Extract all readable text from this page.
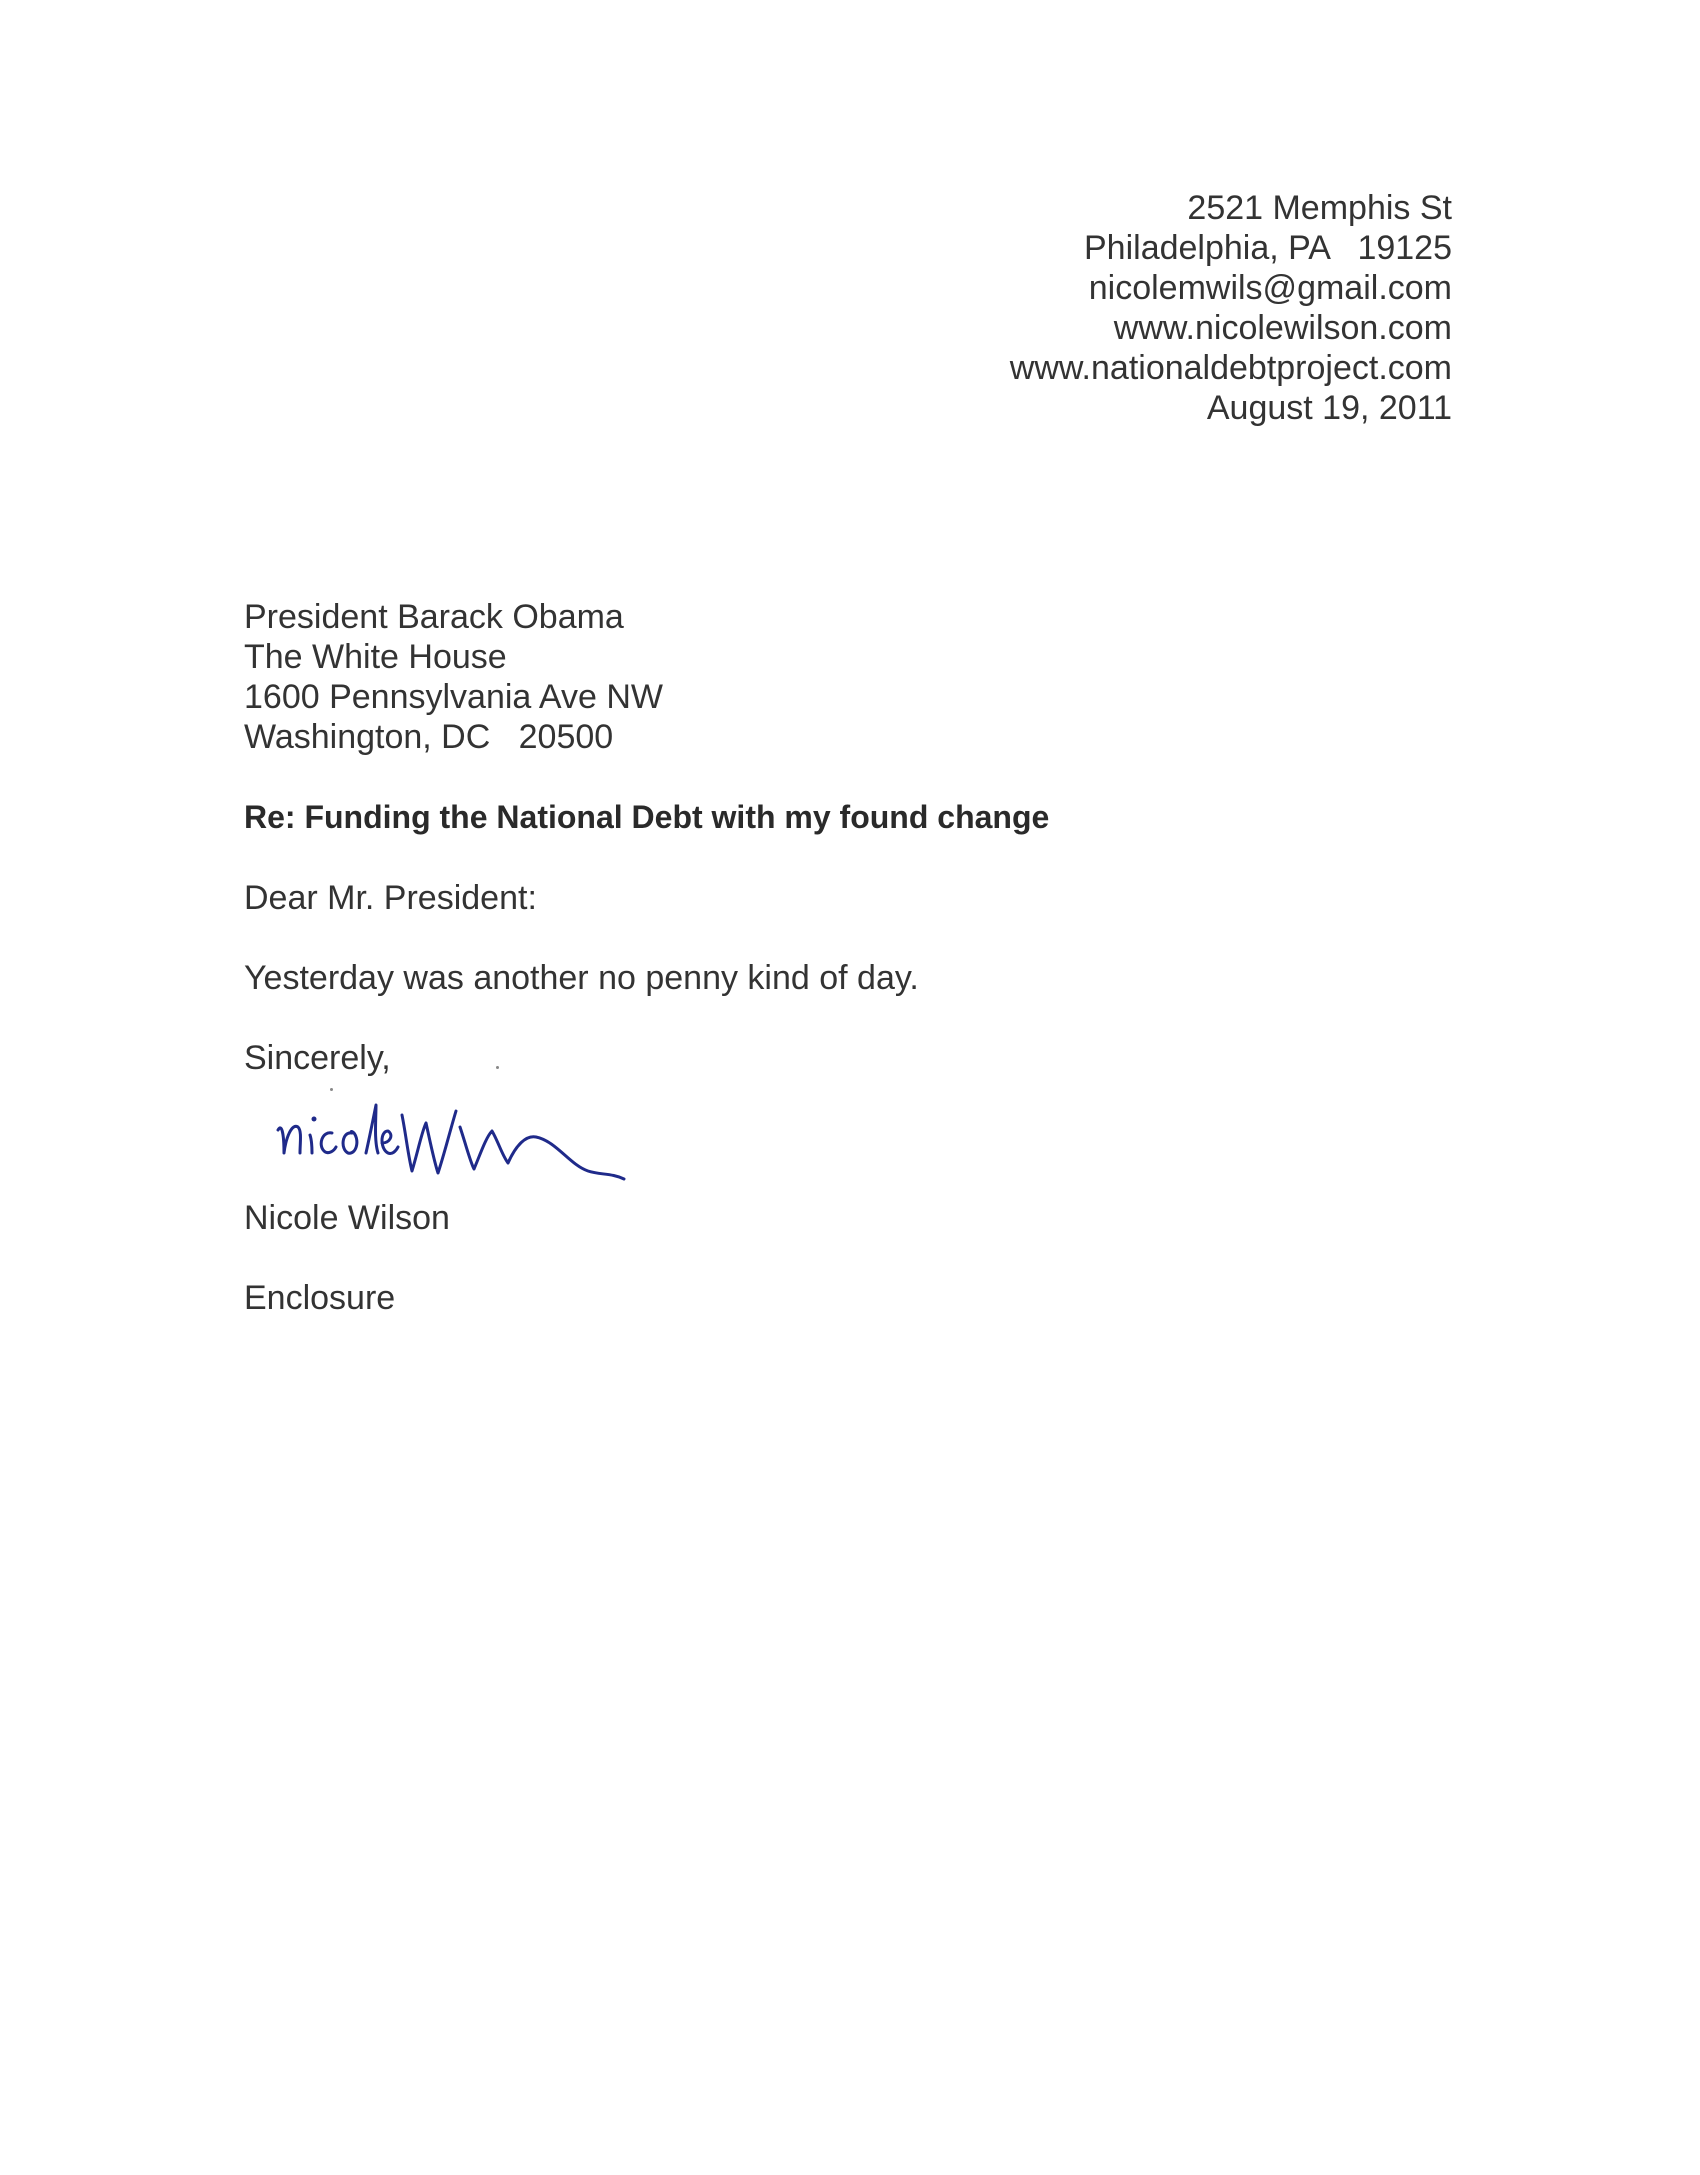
2521 Memphis St
Philadelphia, PA   19125
nicolemwils@gmail.com
www.nicolewilson.com
www.nationaldebtproject.com
August 19, 2011
President Barack Obama
The White House
1600 Pennsylvania Ave NW
Washington, DC   20500
Re: Funding the National Debt with my found change
Dear Mr. President:
Yesterday was another no penny kind of day.
Sincerely,
Nicole Wilson
Enclosure
